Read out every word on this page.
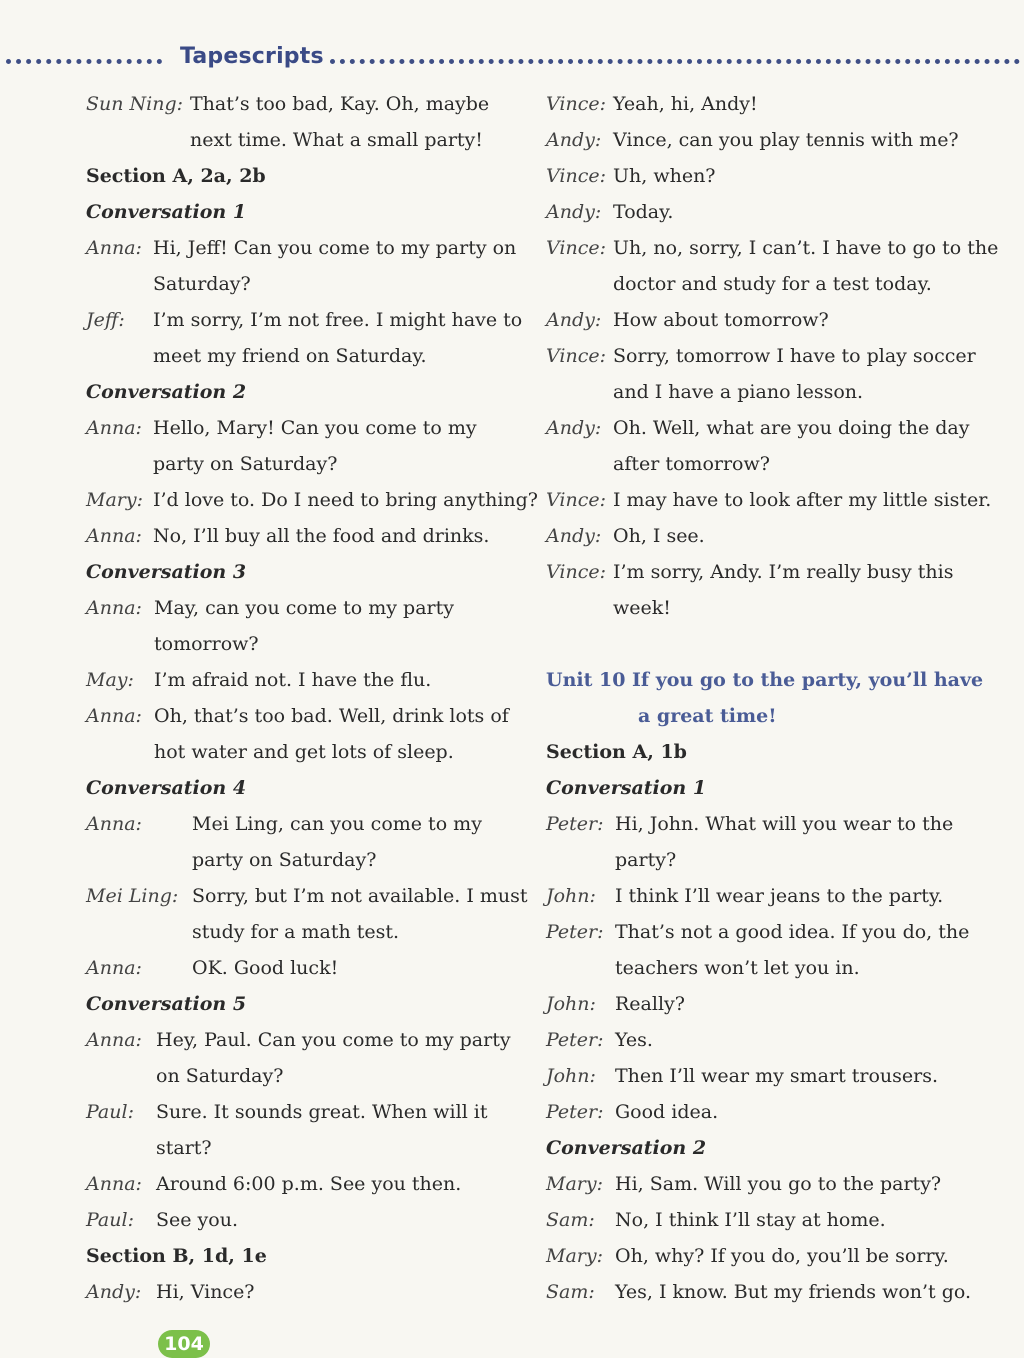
Tapescripts
Sun Ning: That’s too bad, Kay. Oh, maybe
next time. What a small party!
Section A, 2a, 2b
Conversation 1
Anna: Hi, Jeff! Can you come to my party on
Saturday?
Jeff: I’m sorry, I’m not free. I might have to
meet my friend on Saturday.
Conversation 2
Anna: Hello, Mary! Can you come to my
party on Saturday?
Mary: I’d love to. Do I need to bring anything?
Anna: No, I’ll buy all the food and drinks.
Conversation 3
Anna: May, can you come to my party
tomorrow?
May: I’m afraid not. I have the flu.
Anna: Oh, that’s too bad. Well, drink lots of
hot water and get lots of sleep.
Conversation 4
Anna:	Mei Ling, can you come to my
party on Saturday?
Mei Ling: Sorry, but I’m not available. I must
study for a math test.
Anna:	OK. Good luck!
Conversation 5
Anna: Hey, Paul. Can you come to my party
on Saturday?
Paul: Sure. It sounds great. When will it
start?
Anna: Around 6:00 p.m. See you then.
Paul: See you.
Section B, 1d, 1e
Andy: Hi, Vince?
Vince: Yeah, hi, Andy!
Andy: Vince, can you play tennis with me?
Vince: Uh, when?
Andy: Today.
Vince: Uh, no, sorry, I can’t. I have to go to the
doctor and study for a test today.
Andy: How about tomorrow?
Vince: Sorry, tomorrow I have to play soccer
and I have a piano lesson.
Andy: Oh. Well, what are you doing the day
after tomorrow?
Vince: I may have to look after my little sister.
Andy: Oh, I see.
Vince: I’m sorry, Andy. I’m really busy this
week!
Unit 10 If you go to the party, you’ll have
a great time!
Section A, 1b
Conversation 1
Peter: Hi, John. What will you wear to the
party?
John: I think I’ll wear jeans to the party.
Peter: That’s not a good idea. If you do, the
teachers won’t let you in.
John: Really?
Peter: Yes.
John: Then I’ll wear my smart trousers.
Peter: Good idea.
Conversation 2
Mary: Hi, Sam. Will you go to the party?
Sam: No, I think I’ll stay at home.
Mary: Oh, why? If you do, you’ll be sorry.
Sam: Yes, I know. But my friends won’t go.
104
